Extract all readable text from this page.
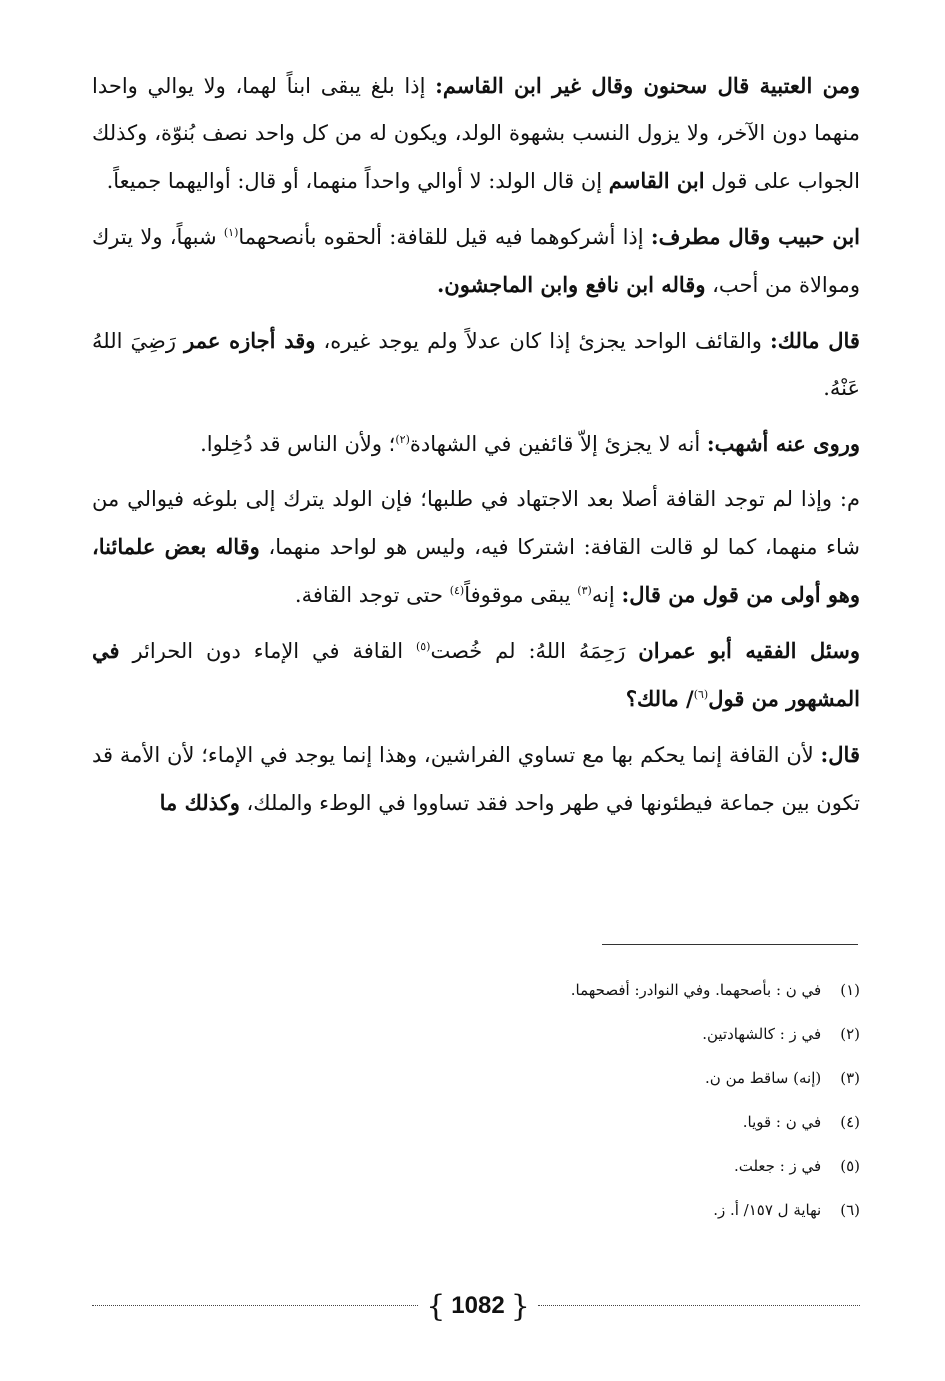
ومن العتبية قال سحنون وقال غير ابن القاسم: إذا بلغ يبقى ابناً لهما، ولا يوالي واحدا منهما دون الآخر، ولا يزول النسب بشهوة الولد، ويكون له من كل واحد نصف بُنوّة، وكذلك الجواب على قول ابن القاسم إن قال الولد: لا أوالي واحداً منهما، أو قال: أواليهما جميعاً.

ابن حبيب وقال مطرف: إذا أشركوهما فيه قيل للقافة: ألحقوه بأنصحهما$^{(١)}$ شبهاً، ولا يترك وموالاة من أحب، وقاله ابن نافع وابن الماجشون.

قال مالك: والقائف الواحد يجزئ إذا كان عدلاً ولم يوجد غيره، وقد أجازه عمر رَضِيَ اللهُ عَنْهُ.

وروى عنه أشهب: أنه لا يجزئ إلاّ قائفين في الشهادة$^{(٢)}$؛ ولأن الناس قد دُخِلوا.

م: وإذا لم توجد القافة أصلا بعد الاجتهاد في طلبها؛ فإن الولد يترك إلى بلوغه فيوالي من شاء منهما، كما لو قالت القافة: اشتركا فيه، وليس هو لواحد منهما، وقاله بعض علمائنا، وهو أولى من قول من قال: إنه$^{(٣)}$ يبقى موقوفاً$^{(٤)}$ حتى توجد القافة.

وسئل الفقيه أبو عمران رَحِمَهُ اللهُ: لم خُصت$^{(٥)}$ القافة في الإماء دون الحرائر في المشهور من قول$^{(٦)}$/ مالك؟

قال: لأن القافة إنما يحكم بها مع تساوي الفراشين، وهذا إنما يوجد في الإماء؛ لأن الأمة قد تكون بين جماعة فيطئونها في طهر واحد فقد تساووا في الوطء والملك، وكذلك ما

(١) في ن : بأصحهما. وفي النوادر: أفصحهما.
(٢) في ز : كالشهادتين.
(٣) (إنه) ساقط من ن.
(٤) في ن : قويا.
(٥) في ز : جعلت.
(٦) نهاية ل ١٥٧/ أ. ز.
{ 1082 }
